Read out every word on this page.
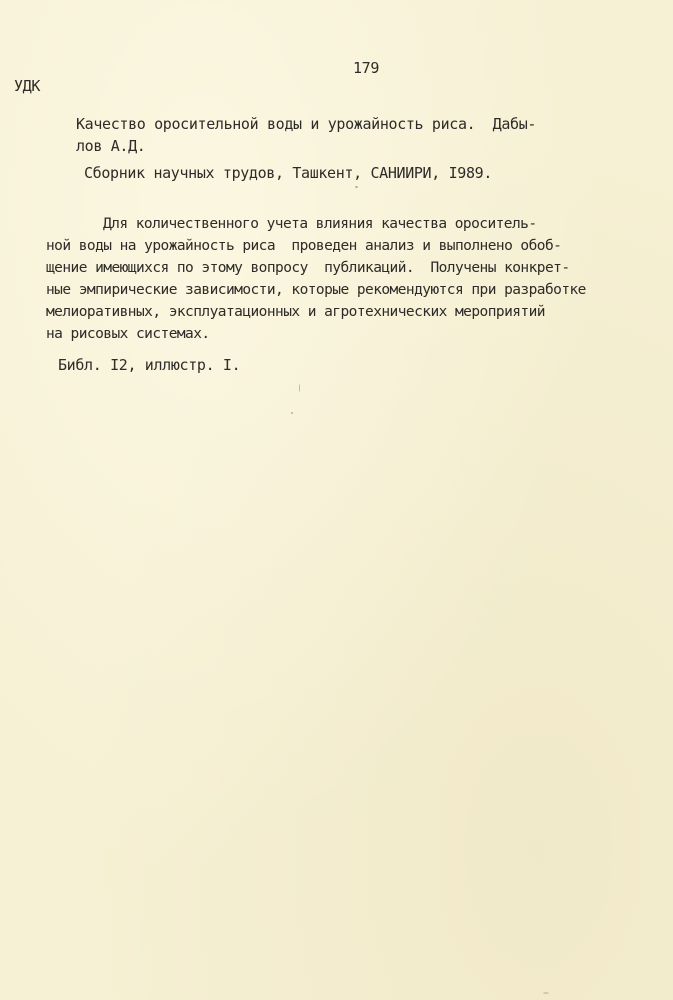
179
УДК
Качество оросительной воды и урожайность риса.  Дабы-
лов А.Д.
Сборник научных трудов, Ташкент, САНИИРИ, I989.
Для количественного учета влияния качества ороситель-
ной воды на урожайность риса  проведен анализ и выполнено обоб-
щение имеющихся по этому вопросу  публикаций.  Получены конкрет-
ные эмпирические зависимости, которые рекомендуются при разработке
мелиоративных, эксплуатационных и агротехнических мероприятий
на рисовых системах.
Библ. I2, иллюстр. I.
